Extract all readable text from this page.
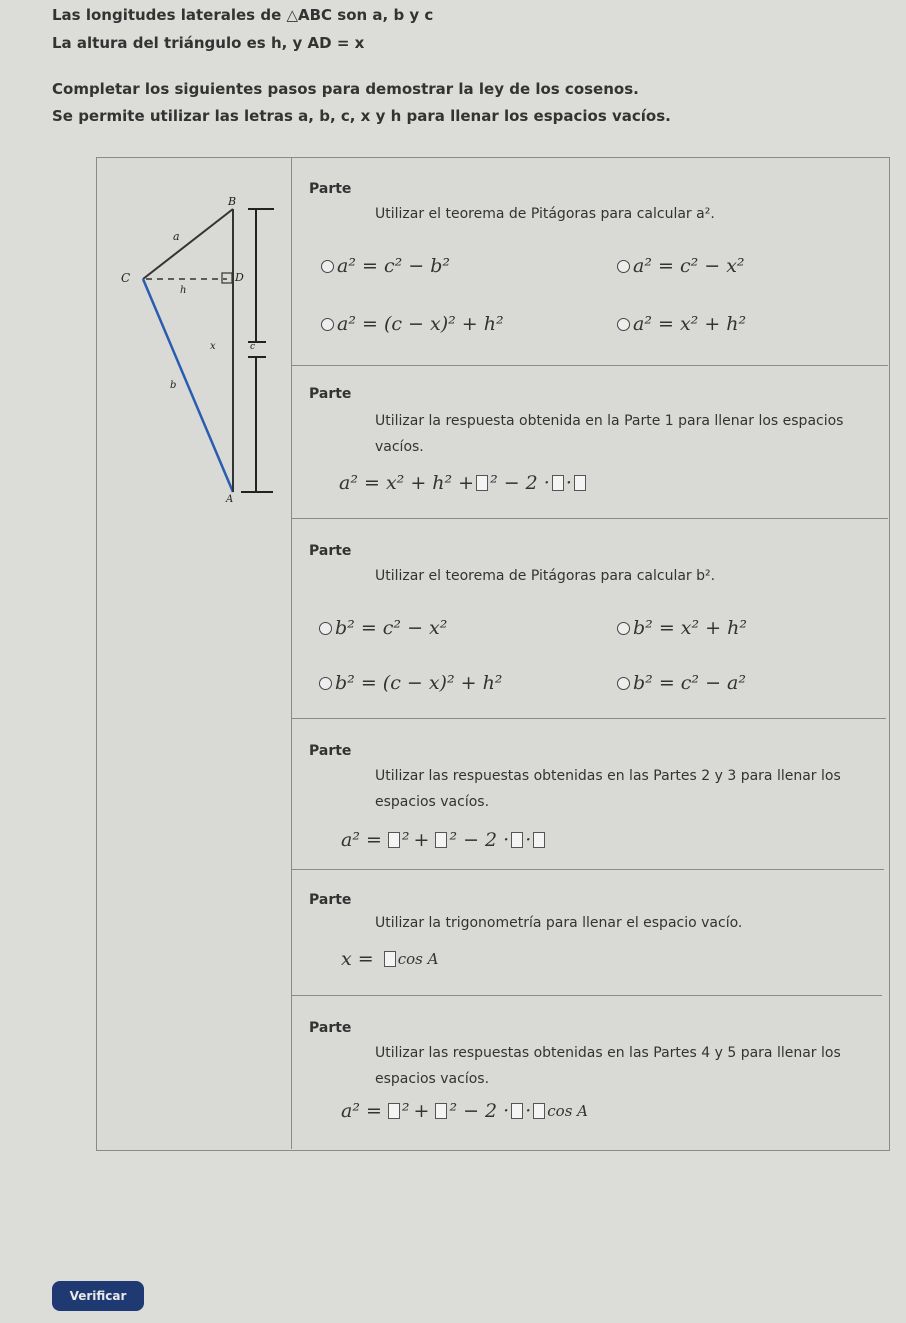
Las longitudes laterales de △ABC son a, b y c
La altura del triángulo es h, y AD = x
Completar los siguientes pasos para demostrar la ley de los cosenos.
Se permite utilizar las letras a, b, c, x y h para llenar los espacios vacíos.
B
a
C
h
D
x	c
b
A
Parte
Utilizar el teorema de Pitágoras para calcular a².
a² = c² − b²	a² = c² − x²
a² = (c − x)² + h²	a² = x² + h²
Parte
Utilizar la respuesta obtenida en la Parte 1 para llenar los espacios vacíos.
a² = x² + h² + ² − 2 · ·
Parte
Utilizar el teorema de Pitágoras para calcular b².
b² = c² − x²	b² = x² + h²
b² = (c − x)² + h²	b² = c² − a²
Parte
Utilizar las respuestas obtenidas en las Partes 2 y 3 para llenar los espacios vacíos.
a² = ² + ² − 2 · ·
Parte
Utilizar la trigonometría para llenar el espacio vacío.
x = cos A
Parte
Utilizar las respuestas obtenidas en las Partes 4 y 5 para llenar los espacios vacíos.
a² = ² + ² − 2 · · cos A
Verificar
